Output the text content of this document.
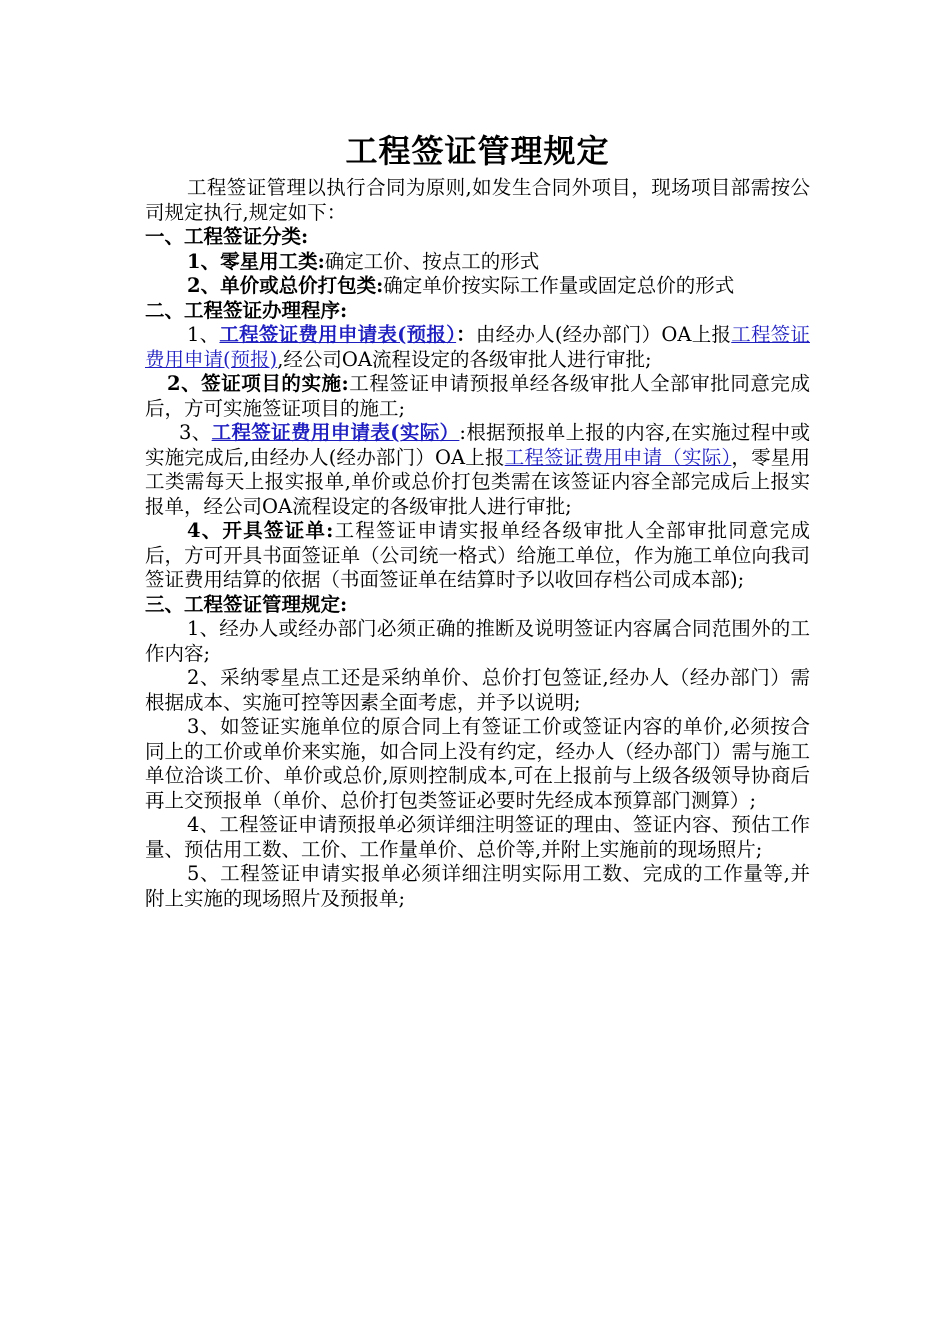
工程签证管理规定

工程签证管理以执行合同为原则,如发生合同外项目，现场项目部需按公司规定执行,规定如下：

一、工程签证分类:

1、零星用工类:确定工价、按点工的形式

2、单价或总价打包类:确定单价按实际工作量或固定总价的形式

二、工程签证办理程序:

1、工程签证费用申请表(预报）：由经办人(经办部门）OA上报工程签证费用申请(预报),经公司OA流程设定的各级审批人进行审批;

2、签证项目的实施:工程签证申请预报单经各级审批人全部审批同意完成后，方可实施签证项目的施工;

3、工程签证费用申请表(实际）:根据预报单上报的内容,在实施过程中或实施完成后,由经办人(经办部门）OA上报工程签证费用申请（实际），零星用工类需每天上报实报单,单价或总价打包类需在该签证内容全部完成后上报实报单，经公司OA流程设定的各级审批人进行审批;

4、开具签证单:工程签证申请实报单经各级审批人全部审批同意完成后，方可开具书面签证单（公司统一格式）给施工单位，作为施工单位向我司签证费用结算的依据（书面签证单在结算时予以收回存档公司成本部);

三、工程签证管理规定:

1、经办人或经办部门必须正确的推断及说明签证内容属合同范围外的工作内容;

2、采纳零星点工还是采纳单价、总价打包签证,经办人（经办部门）需根据成本、实施可控等因素全面考虑，并予以说明;

3、如签证实施单位的原合同上有签证工价或签证内容的单价,必须按合同上的工价或单价来实施，如合同上没有约定，经办人（经办部门）需与施工单位洽谈工价、单价或总价,原则控制成本,可在上报前与上级各级领导协商后再上交预报单（单价、总价打包类签证必要时先经成本预算部门测算）;

4、工程签证申请预报单必须详细注明签证的理由、签证内容、预估工作量、预估用工数、工价、工作量单价、总价等,并附上实施前的现场照片;

5、工程签证申请实报单必须详细注明实际用工数、完成的工作量等,并附上实施的现场照片及预报单;
